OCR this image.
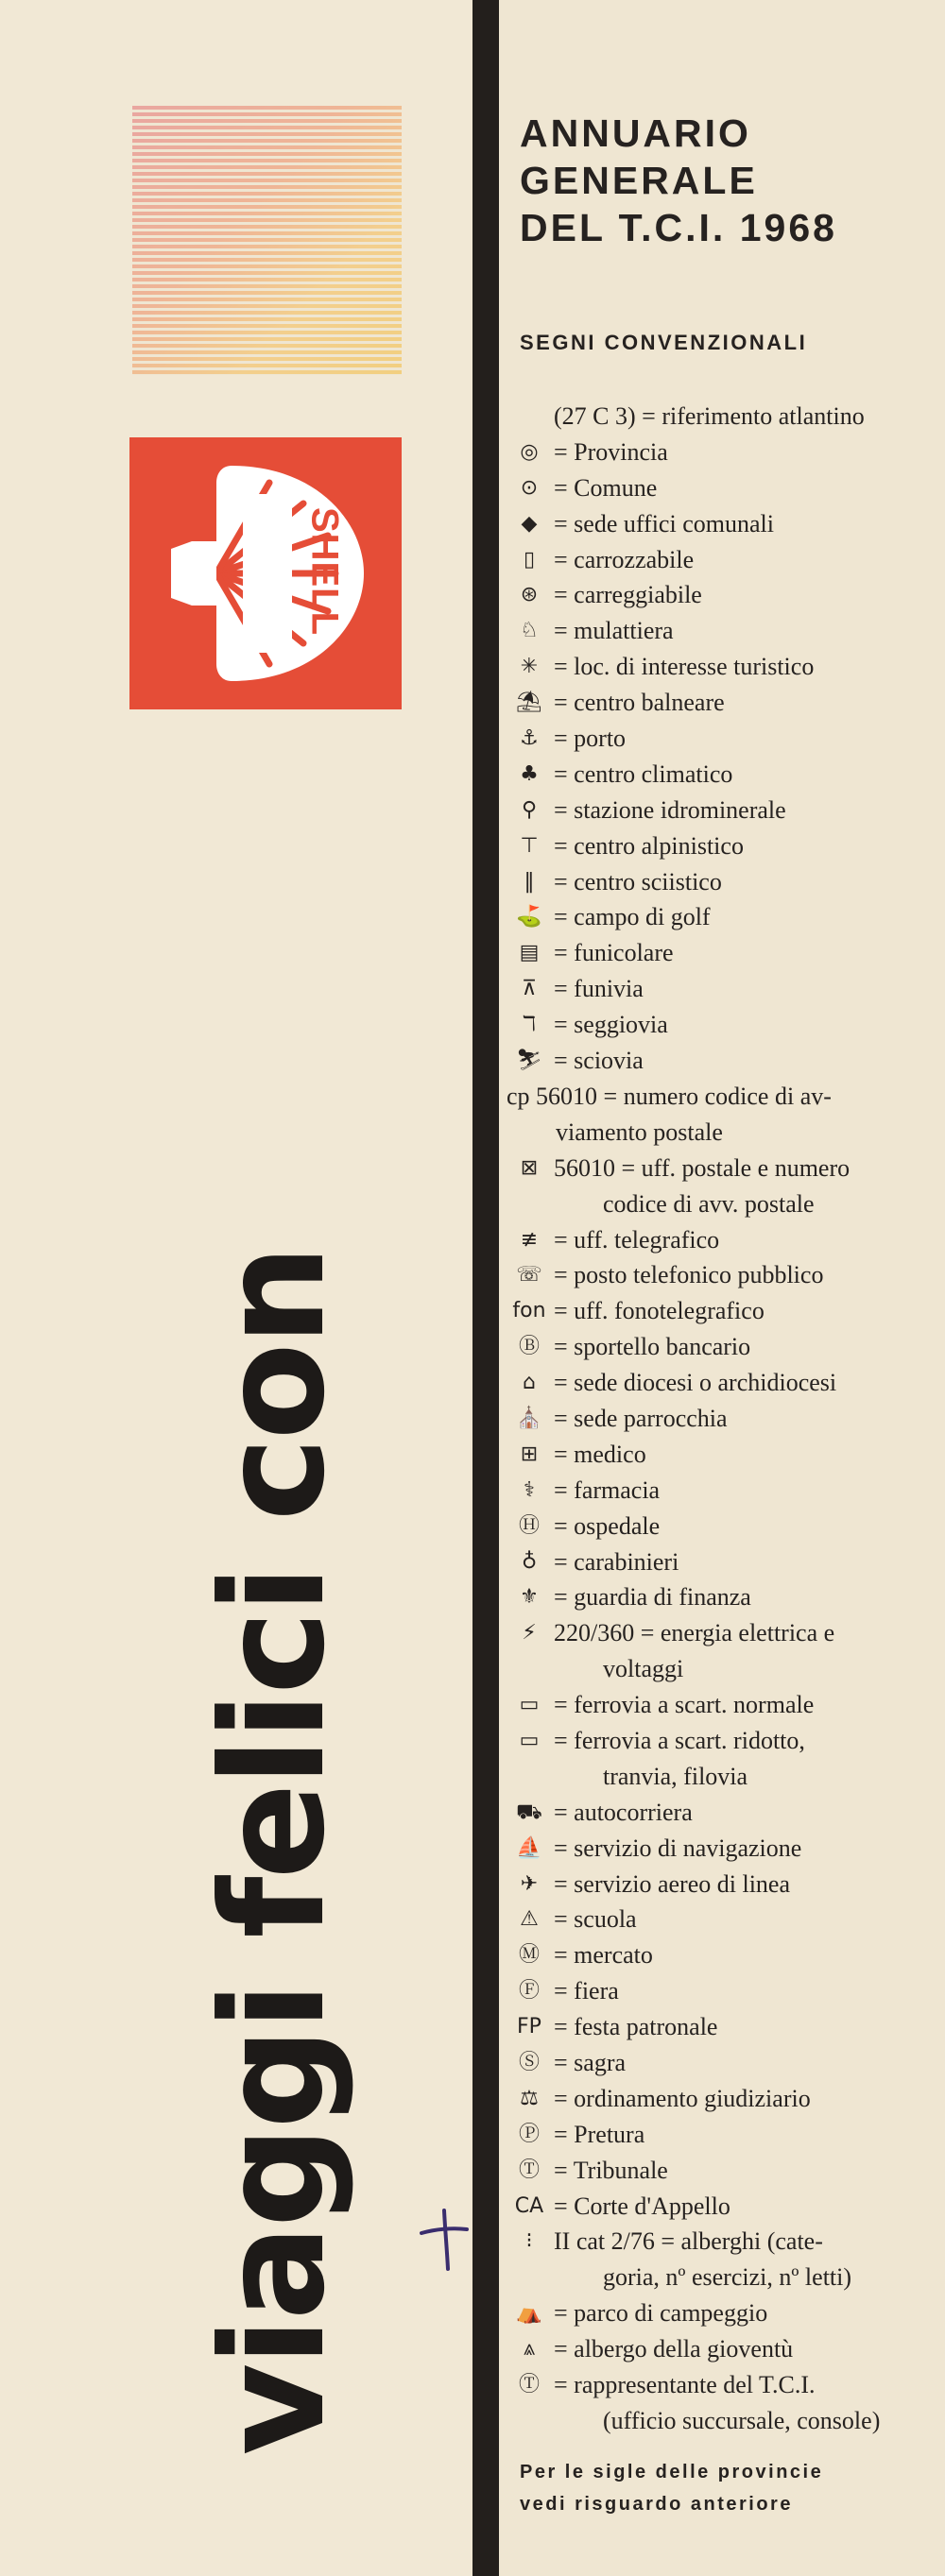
SHELL
viaggi felici con
ANNUARIO
GENERALE
DEL T.C.I. 1968
SEGNI CONVENZIONALI
(27 C 3) = riferimento atlantino
◎ = Provincia
⊙ = Comune
◆ = sede uffici comunali
▯ = carrozzabile
⊛ = carreggiabile
♘ = mulattiera
✳ = loc. di interesse turistico
⛱ = centro balneare
⚓ = porto
♣ = centro climatico
⚲ = stazione idrominerale
⊤ = centro alpinistico
‖ = centro sciistico
⛳ = campo di golf
▤ = funicolare
⊼ = funivia
ℸ = seggiovia
⛷ = sciovia
cp 56010 = numero codice di av-
viamento postale
⊠ 56010 = uff. postale e numero
codice di avv. postale
≢ = uff. telegrafico
☏ = posto telefonico pubblico
fon = uff. fonotelegrafico
Ⓑ = sportello bancario
⌂ = sede diocesi o archidiocesi
⛪ = sede parrocchia
⊞ = medico
⚕ = farmacia
Ⓗ = ospedale
♁ = carabinieri
⚜ = guardia di finanza
⚡ 220/360 = energia elettrica e
voltaggi
▭ = ferrovia a scart. normale
▭ = ferrovia a scart. ridotto,
tranvia, filovia
⛟ = autocorriera
⛵ = servizio di navigazione
✈ = servizio aereo di linea
⚠ = scuola
Ⓜ = mercato
Ⓕ = fiera
FP = festa patronale
Ⓢ = sagra
⚖ = ordinamento giudiziario
Ⓟ = Pretura
Ⓣ = Tribunale
CA = Corte d'Appello
⁝ II cat 2/76 = alberghi (cate-
goria, nº esercizi, nº letti)
⛺ = parco di campeggio
⩓ = albergo della gioventù
Ⓣ = rappresentante del T.C.I.
(ufficio succursale, console)
Per le sigle delle provincie
vedi risguardo anteriore
